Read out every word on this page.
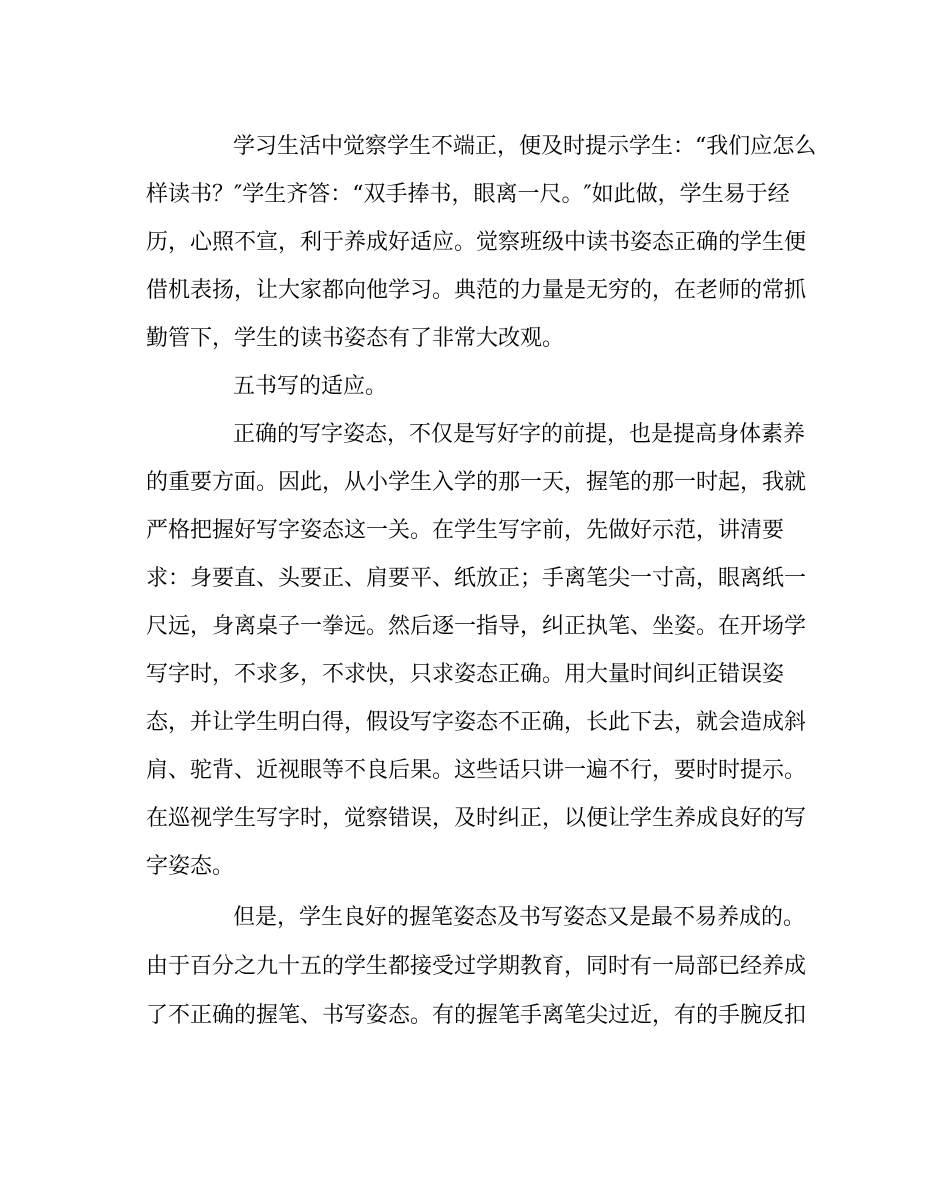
学习生活中觉察学生不端正，便及时提示学生：“我们应怎么
样读书？″学生齐答：“双手捧书，眼离一尺。″如此做，学生易于经
历，心照不宣，利于养成好适应。觉察班级中读书姿态正确的学生便
借机表扬，让大家都向他学习。典范的力量是无穷的，在老师的常抓
勤管下，学生的读书姿态有了非常大改观。
五书写的适应。
正确的写字姿态，不仅是写好字的前提，也是提高身体素养
的重要方面。因此，从小学生入学的那一天，握笔的那一时起，我就
严格把握好写字姿态这一关。在学生写字前，先做好示范，讲清要
求：身要直、头要正、肩要平、纸放正；手离笔尖一寸高，眼离纸一
尺远，身离桌子一拳远。然后逐一指导，纠正执笔、坐姿。在开场学
写字时，不求多，不求快，只求姿态正确。用大量时间纠正错误姿
态，并让学生明白得，假设写字姿态不正确，长此下去，就会造成斜
肩、驼背、近视眼等不良后果。这些话只讲一遍不行，要时时提示。
在巡视学生写字时，觉察错误，及时纠正，以便让学生养成良好的写
字姿态。
但是，学生良好的握笔姿态及书写姿态又是最不易养成的。
由于百分之九十五的学生都接受过学期教育，同时有一局部已经养成
了不正确的握笔、书写姿态。有的握笔手离笔尖过近，有的手腕反扣
